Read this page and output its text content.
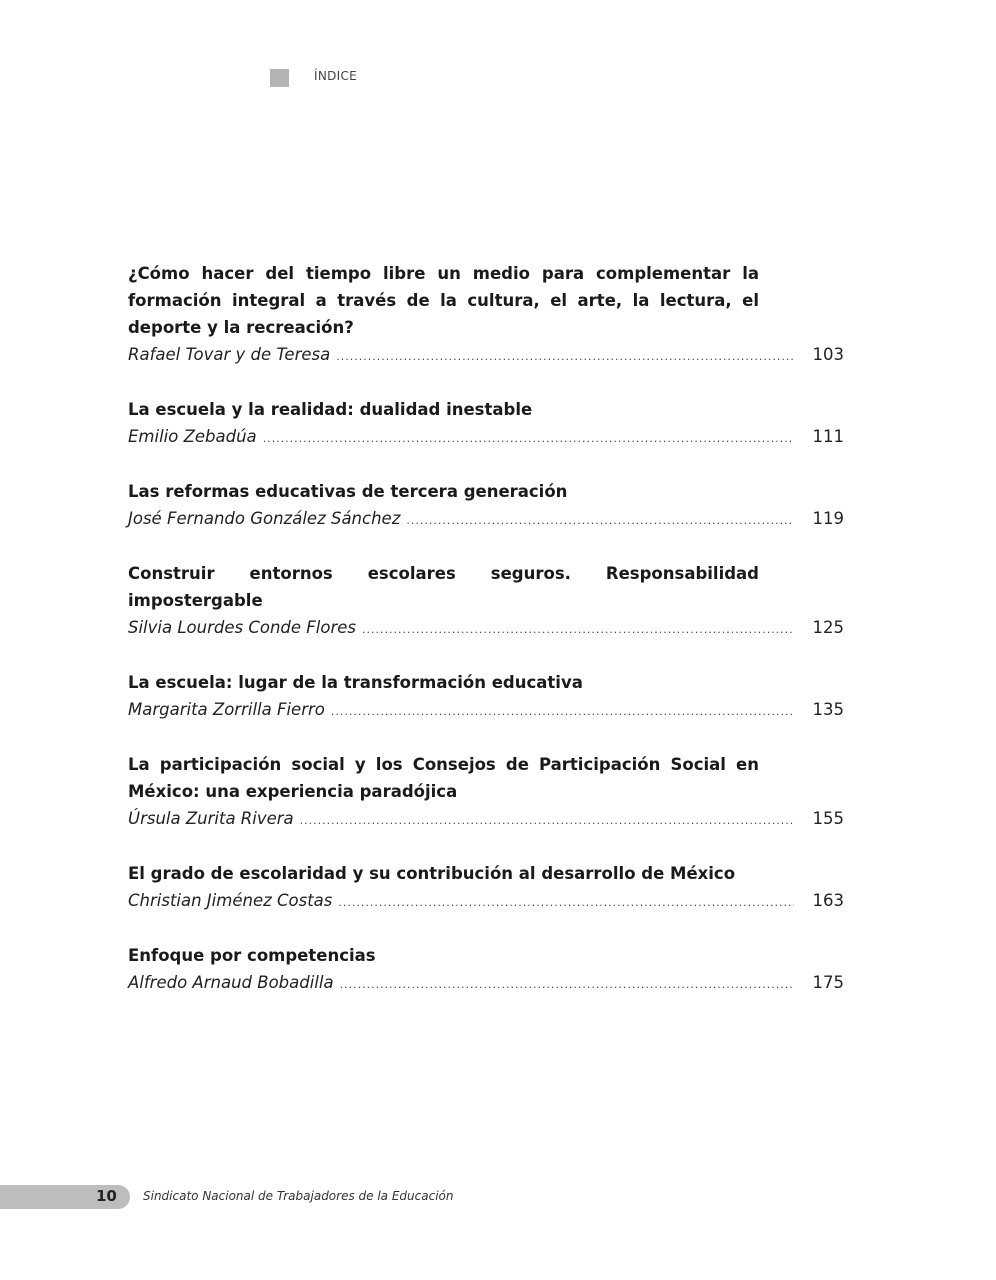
ÍNDICE
¿Cómo hacer del tiempo libre un medio para complementar la formación integral a través de la cultura, el arte, la lectura, el deporte y la recreación?
Rafael Tovar y de Teresa .....	103
La escuela y la realidad: dualidad inestable
Emilio Zebadúa .....	111
Las reformas educativas de tercera generación
José Fernando González Sánchez .....	119
Construir entornos escolares seguros. Responsabilidad impostergable
Silvia Lourdes Conde Flores .....	125
La escuela: lugar de la transformación educativa
Margarita Zorrilla Fierro .....	135
La participación social y los Consejos de Participación Social en México: una experiencia paradójica
Úrsula Zurita Rivera .....	155
El grado de escolaridad y su contribución al desarrollo de México
Christian Jiménez Costas .....	163
Enfoque por competencias
Alfredo Arnaud Bobadilla .....	175
10 Sindicato Nacional de Trabajadores de la Educación
